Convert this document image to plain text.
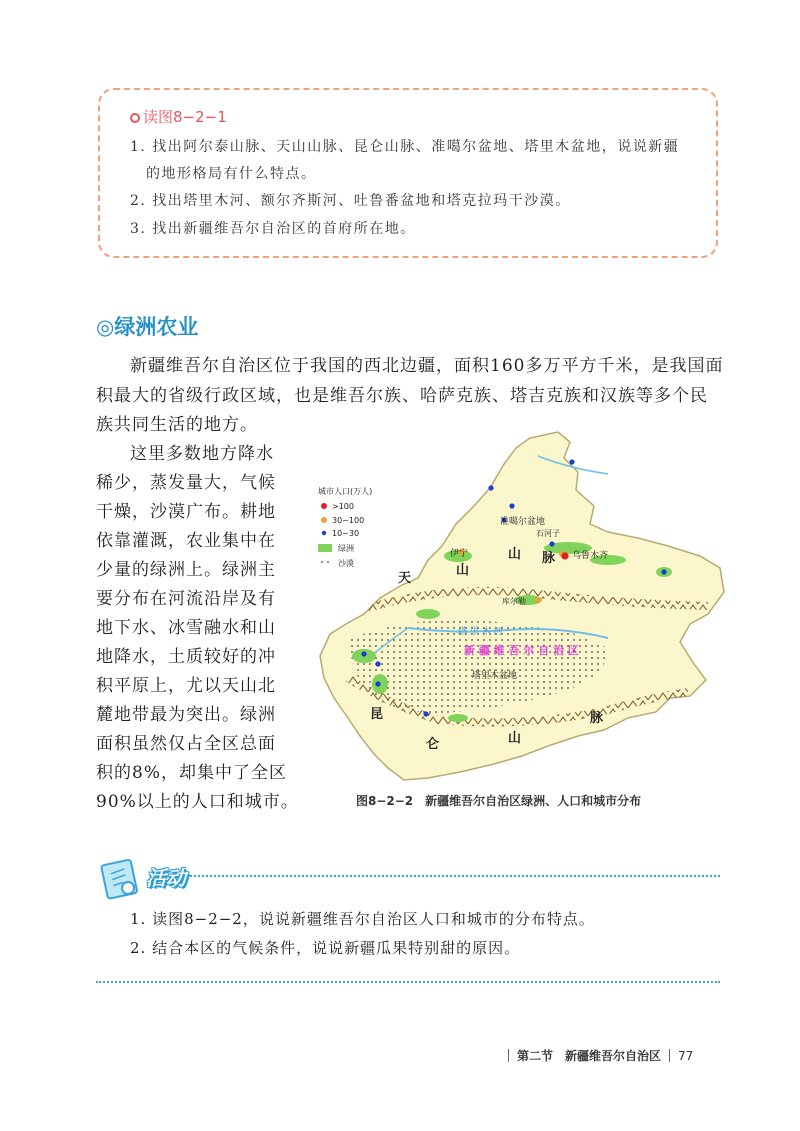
读图8−2−1
1. 找出阿尔泰山脉、天山山脉、昆仑山脉、准噶尔盆地、塔里木盆地，说说新疆
的地形格局有什么特点。
2. 找出塔里木河、额尔齐斯河、吐鲁番盆地和塔克拉玛干沙漠。
3. 找出新疆维吾尔自治区的首府所在地。
◎绿洲农业
新疆维吾尔自治区位于我国的西北边疆，面积160多万平方千米，是我国面
积最大的省级行政区域，也是维吾尔族、哈萨克族、塔吉克族和汉族等多个民
族共同生活的地方。
这里多数地方降水
稀少，蒸发量大，气候
干燥，沙漠广布。耕地
依靠灌溉，农业集中在
少量的绿洲上。绿洲主
要分布在河流沿岸及有
地下水、冰雪融水和山
地降水，土质较好的冲
积平原上，尤以天山北
麓地带最为突出。绿洲
面积虽然仅占全区总面
积的8%，却集中了全区
90%以上的人口和城市。
城市人口(万人)
>100
30~100
10~30
绿洲
沙漠
准噶尔盆地
石河子
乌鲁木齐
伊宁
库尔勒
塔 里 木 河
新 疆 维 吾 尔 自 治 区
塔里木盆地
天
山
山 脉
昆
仑	山
脉
图8−2−2　新疆维吾尔自治区绿洲、人口和城市分布
活动
1. 读图8−2−2，说说新疆维吾尔自治区人口和城市的分布特点。
2. 结合本区的气候条件，说说新疆瓜果特别甜的原因。
第二节　新疆维吾尔自治区 77
